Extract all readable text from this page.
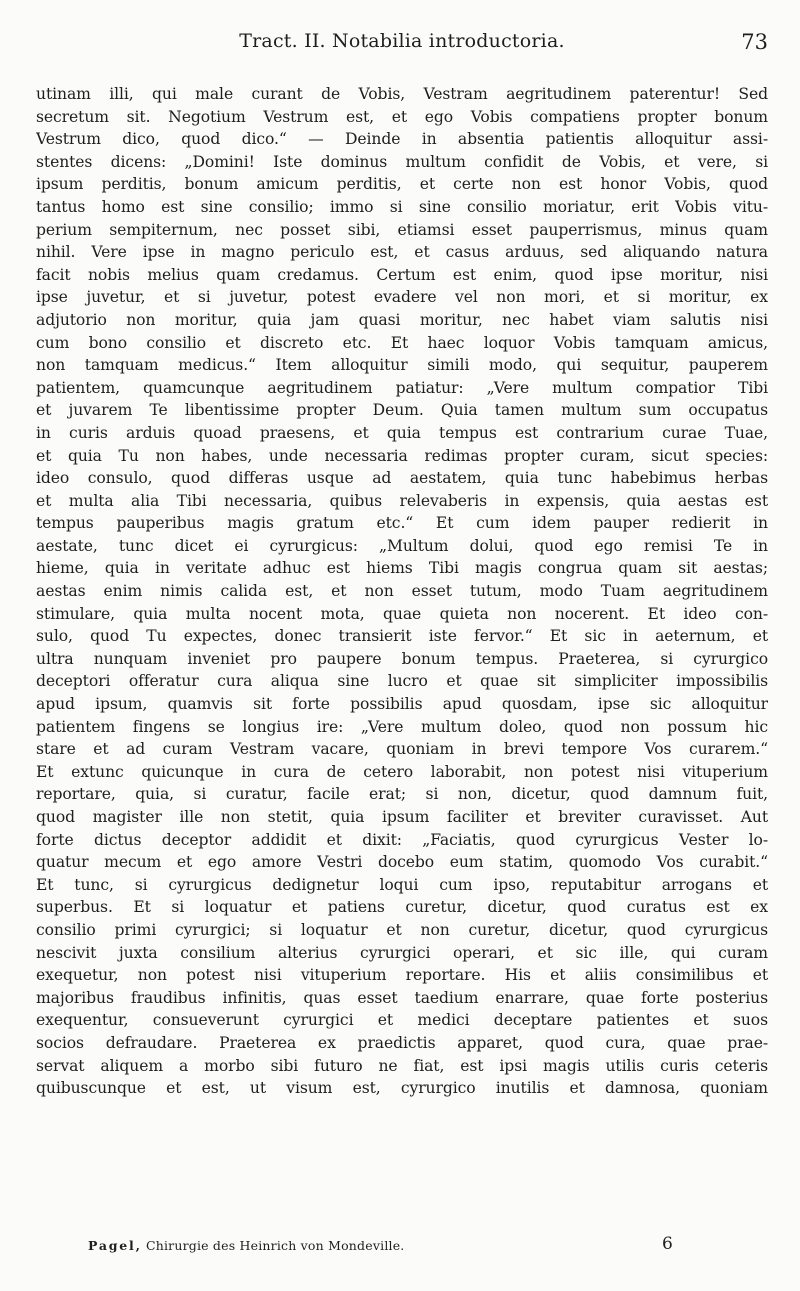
Tract. II. Notabilia introductoria.	73
utinam illi, qui male curant de Vobis, Vestram aegritudinem paterentur! Sed
secretum sit. Negotium Vestrum est, et ego Vobis compatiens propter bonum
Vestrum dico, quod dico.“ — Deinde in absentia patientis alloquitur assi-
stentes dicens: „Domini! Iste dominus multum confidit de Vobis, et vere, si
ipsum perditis, bonum amicum perditis, et certe non est honor Vobis, quod
tantus homo est sine consilio; immo si sine consilio moriatur, erit Vobis vitu-
perium sempiternum, nec posset sibi, etiamsi esset pauperrismus, minus quam
nihil. Vere ipse in magno periculo est, et casus arduus, sed aliquando natura
facit nobis melius quam credamus. Certum est enim, quod ipse moritur, nisi
ipse juvetur, et si juvetur, potest evadere vel non mori, et si moritur, ex
adjutorio non moritur, quia jam quasi moritur, nec habet viam salutis nisi
cum bono consilio et discreto etc. Et haec loquor Vobis tamquam amicus,
non tamquam medicus.“ Item alloquitur simili modo, qui sequitur, pauperem
patientem, quamcunque aegritudinem patiatur: „Vere multum compatior Tibi
et juvarem Te libentissime propter Deum. Quia tamen multum sum occupatus
in curis arduis quoad praesens, et quia tempus est contrarium curae Tuae,
et quia Tu non habes, unde necessaria redimas propter curam, sicut species:
ideo consulo, quod differas usque ad aestatem, quia tunc habebimus herbas
et multa alia Tibi necessaria, quibus relevaberis in expensis, quia aestas est
tempus pauperibus magis gratum etc.“ Et cum idem pauper redierit in
aestate, tunc dicet ei cyrurgicus: „Multum dolui, quod ego remisi Te in
hieme, quia in veritate adhuc est hiems Tibi magis congrua quam sit aestas;
aestas enim nimis calida est, et non esset tutum, modo Tuam aegritudinem
stimulare, quia multa nocent mota, quae quieta non nocerent. Et ideo con-
sulo, quod Tu expectes, donec transierit iste fervor.“ Et sic in aeternum, et
ultra nunquam inveniet pro paupere bonum tempus. Praeterea, si cyrurgico
deceptori offeratur cura aliqua sine lucro et quae sit simpliciter impossibilis
apud ipsum, quamvis sit forte possibilis apud quosdam, ipse sic alloquitur
patientem fingens se longius ire: „Vere multum doleo, quod non possum hic
stare et ad curam Vestram vacare, quoniam in brevi tempore Vos curarem.“
Et extunc quicunque in cura de cetero laborabit, non potest nisi vituperium
reportare, quia, si curatur, facile erat; si non, dicetur, quod damnum fuit,
quod magister ille non stetit, quia ipsum faciliter et breviter curavisset. Aut
forte dictus deceptor addidit et dixit: „Faciatis, quod cyrurgicus Vester lo-
quatur mecum et ego amore Vestri docebo eum statim, quomodo Vos curabit.“
Et tunc, si cyrurgicus dedignetur loqui cum ipso, reputabitur arrogans et
superbus. Et si loquatur et patiens curetur, dicetur, quod curatus est ex
consilio primi cyrurgici; si loquatur et non curetur, dicetur, quod cyrurgicus
nescivit juxta consilium alterius cyrurgici operari, et sic ille, qui curam
exequetur, non potest nisi vituperium reportare. His et aliis consimilibus et
majoribus fraudibus infinitis, quas esset taedium enarrare, quae forte posterius
exequentur, consueverunt cyrurgici et medici deceptare patientes et suos
socios defraudare. Praeterea ex praedictis apparet, quod cura, quae prae-
servat aliquem a morbo sibi futuro ne fiat, est ipsi magis utilis curis ceteris
quibuscunque et est, ut visum est, cyrurgico inutilis et damnosa, quoniam
Pagel, Chirurgie des Heinrich von Mondeville.	6
